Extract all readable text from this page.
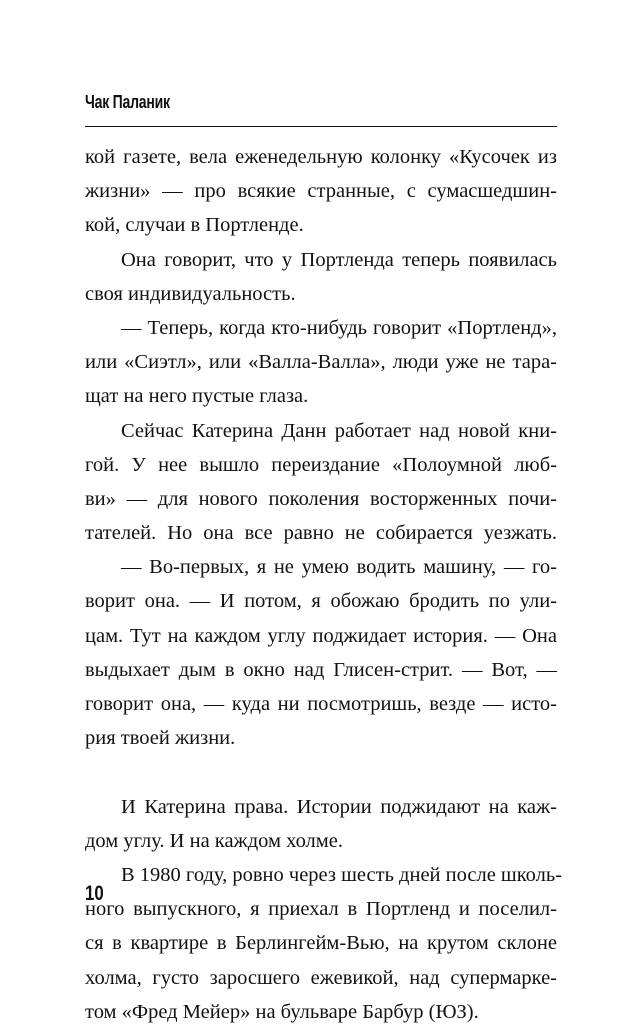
Чак Паланик
кой газете, вела еженедельную колонку «Кусочек из
жизни» — про всякие странные, с сумасшедшин-
кой, случаи в Портленде.
Она говорит, что у Портленда теперь появилась
своя индивидуальность.
— Теперь, когда кто-нибудь говорит «Портленд»,
или «Сиэтл», или «Валла-Валла», люди уже не тара-
щат на него пустые глаза.
Сейчас Катерина Данн работает над новой кни-
гой. У нее вышло переиздание «Полоумной люб-
ви» — для нового поколения восторженных почи-
тателей. Но она все равно не собирается уезжать.
— Во-первых, я не умею водить машину, — го-
ворит она. — И потом, я обожаю бродить по ули-
цам. Тут на каждом углу поджидает история. — Она
выдыхает дым в окно над Глисен-стрит. — Вот, —
говорит она, — куда ни посмотришь, везде — исто-
рия твоей жизни.
И Катерина права. Истории поджидают на каж-
дом углу. И на каждом холме.
В 1980 году, ровно через шесть дней после школь-
ного выпускного, я приехал в Портленд и поселил-
ся в квартире в Берлингейм-Вью, на крутом склоне
холма, густо заросшего ежевикой, над супермарке-
том «Фред Мейер» на бульваре Барбур (ЮЗ).
10
